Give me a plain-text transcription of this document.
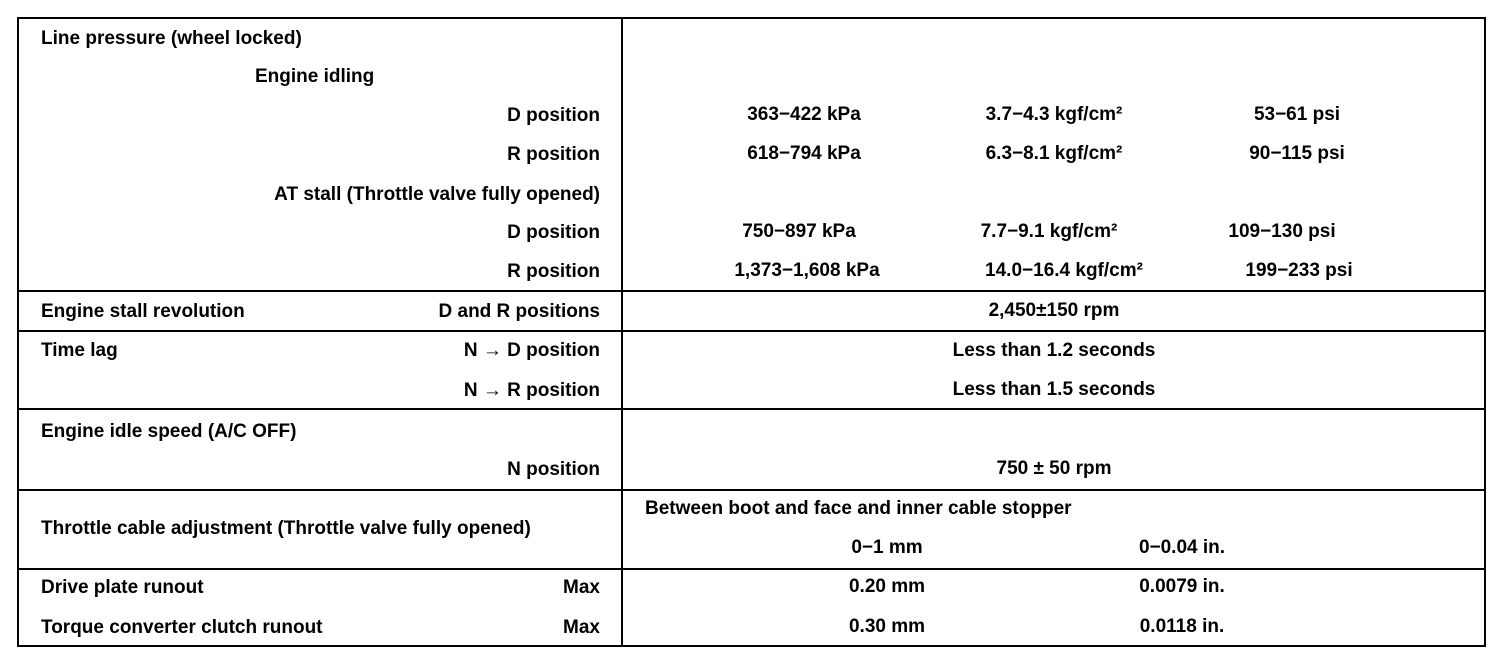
Line pressure (wheel locked)
Engine idling
D position	363−422 kPa	3.7−4.3 kgf/cm²	53−61 psi
R position	618−794 kPa	6.3−8.1 kgf/cm²	90−115 psi
AT stall (Throttle valve fully opened)
D position	750−897 kPa	7.7−9.1 kgf/cm²	109−130 psi
R position	1,373−1,608 kPa	14.0−16.4 kgf/cm²	199−233 psi
Engine stall revolution	D and R positions	2,450±150 rpm
Time lag	N → D position	Less than 1.2 seconds
N → R position	Less than 1.5 seconds
Engine idle speed (A/C OFF)
N position	750 ± 50 rpm
Throttle cable adjustment (Throttle valve fully opened)
Between boot and face and inner cable stopper
0−1 mm	0−0.04 in.
Drive plate runout	Max	0.20 mm	0.0079 in.
Torque converter clutch runout	Max	0.30 mm	0.0118 in.
